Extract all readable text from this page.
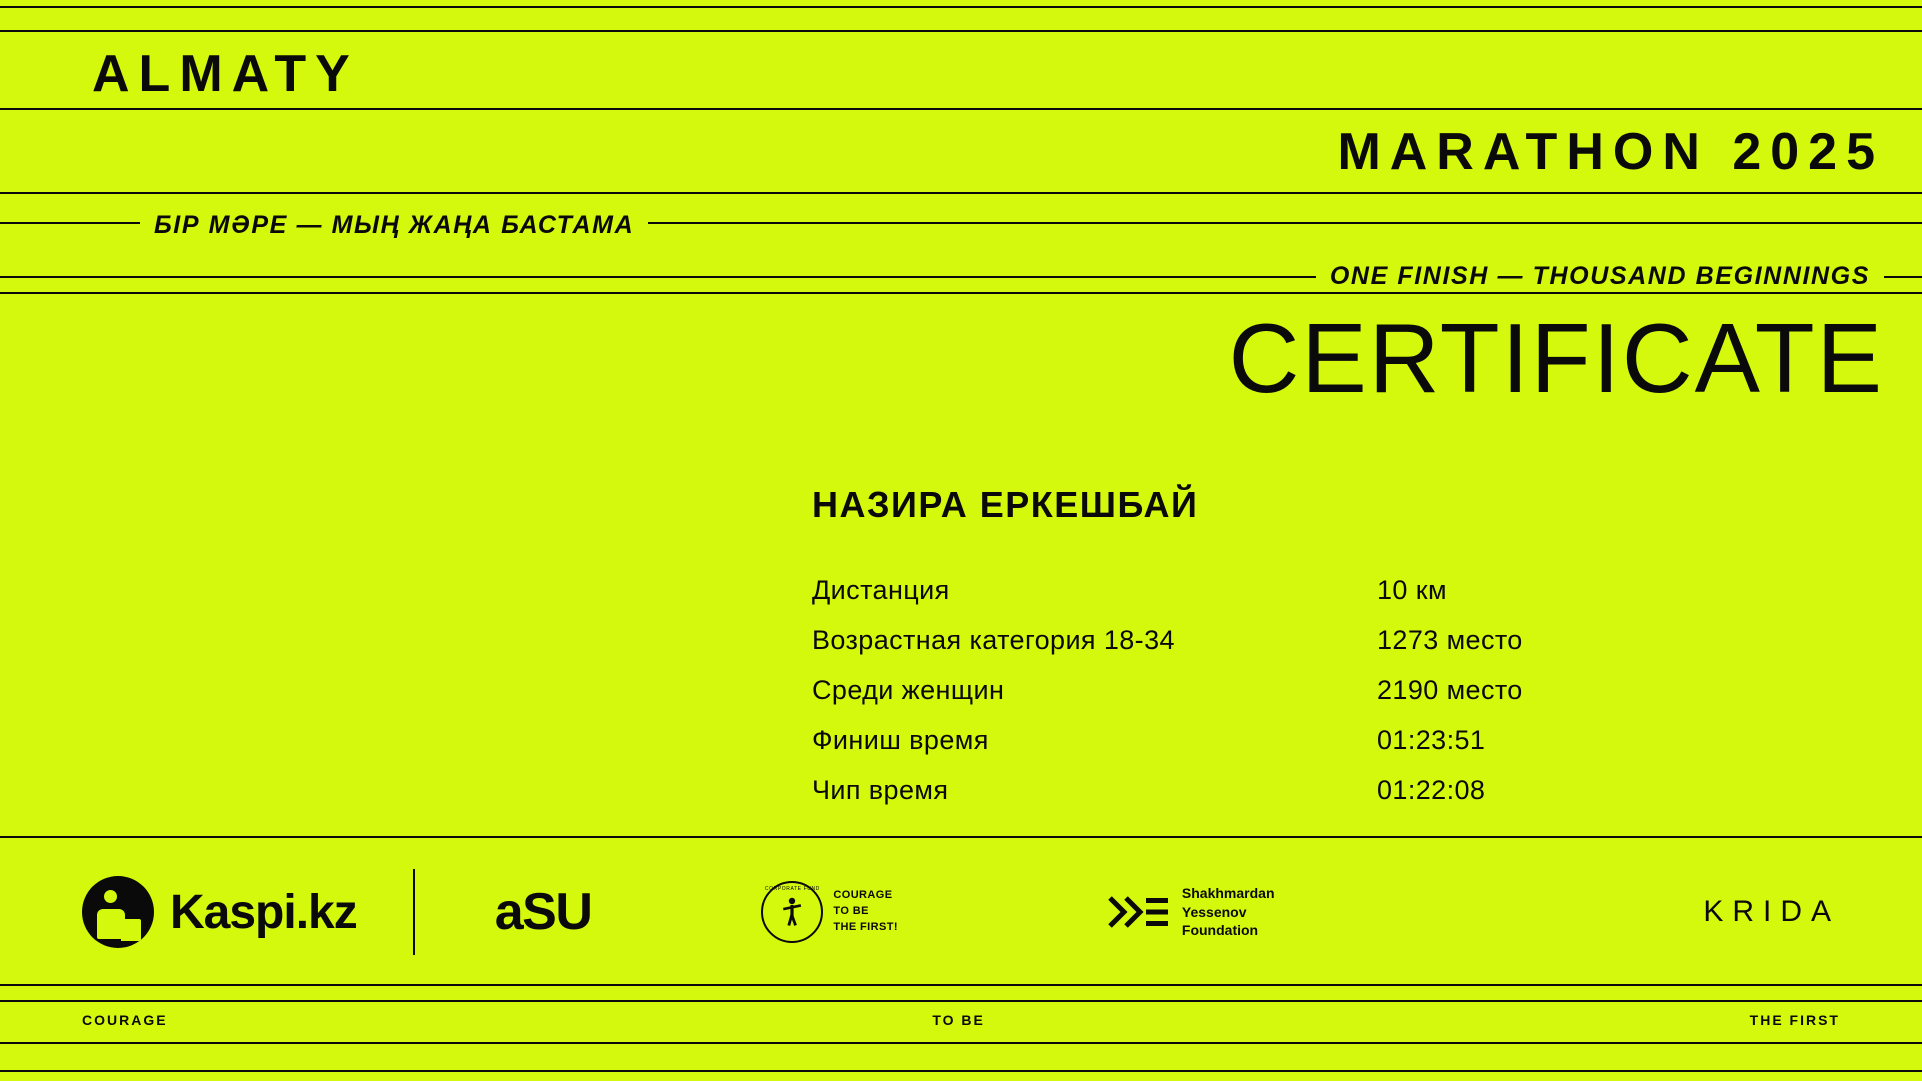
ALMATY
MARATHON 2025
БІР МӘРЕ — МЫҢ ЖАҢА БАСТАМА
ONE FINISH — THOUSAND BEGINNINGS
CERTIFICATE
НАЗИРА ЕРКЕШБАЙ
Дистанция	10 км
Возрастная категория 18-34	1273 место
Среди женщин	2190 место
Финиш время	01:23:51
Чип время	01:22:08
Kaspi.kz	aSU	CORPORATE FUND
COURAGE
TO BE
THE FIRST!
Shakhmardan
Yessenov
Foundation
KRIDA
COURAGE	TO BE	THE FIRST
